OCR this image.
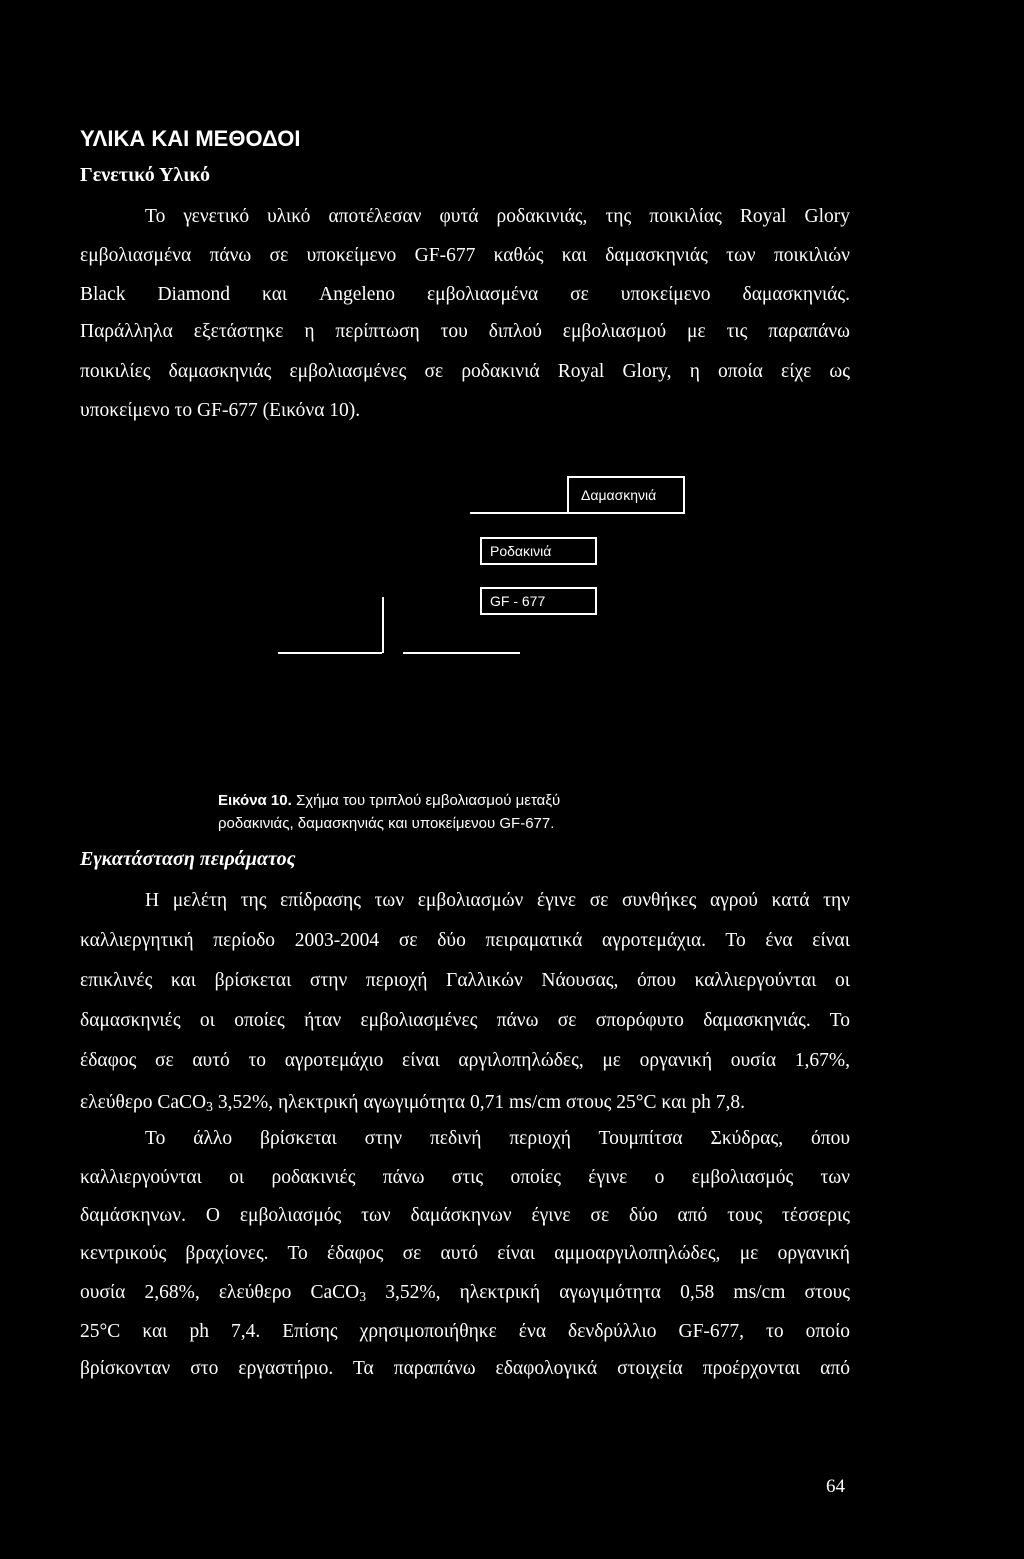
ΥΛΙΚΑ ΚΑΙ ΜΕΘΟΔΟΙ
Γενετικό Υλικό
Το γενετικό υλικό αποτέλεσαν φυτά ροδακινιάς, της ποικιλίας Royal Glory
εμβολιασμένα πάνω σε υποκείμενο GF-677 καθώς και δαμασκηνιάς των ποικιλιών
Black Diamond και Angeleno εμβολιασμένα σε υποκείμενο δαμασκηνιάς.
Παράλληλα εξετάστηκε η περίπτωση του διπλού εμβολιασμού με τις παραπάνω
ποικιλίες δαμασκηνιάς εμβολιασμένες σε ροδακινιά Royal Glory, η οποία είχε ως
υποκείμενο το GF-677 (Εικόνα 10).
Δαμασκηνιά
Ροδακινιά
GF - 677
Εικόνα 10. Σχήμα του τριπλού εμβολιασμού μεταξύ
ροδακινιάς, δαμασκηνιάς και υποκείμενου GF-677.
Εγκατάσταση πειράματος
Η μελέτη της επίδρασης των εμβολιασμών έγινε σε συνθήκες αγρού κατά την
καλλιεργητική περίοδο 2003-2004 σε δύο πειραματικά αγροτεμάχια. Το ένα είναι
επικλινές και βρίσκεται στην περιοχή Γαλλικών Νάουσας, όπου καλλιεργούνται οι
δαμασκηνιές οι οποίες ήταν εμβολιασμένες πάνω σε σπορόφυτο δαμασκηνιάς. Το
έδαφος σε αυτό το αγροτεμάχιο είναι αργιλοπηλώδες, με οργανική ουσία 1,67%,
ελεύθερο CaCO$_3$ 3,52%, ηλεκτρική αγωγιμότητα 0,71 ms/cm στους 25°C και ph 7,8.
Το άλλο βρίσκεται στην πεδινή περιοχή Τουμπίτσα Σκύδρας, όπου
καλλιεργούνται οι ροδακινιές πάνω στις οποίες έγινε ο εμβολιασμός των
δαμάσκηνων. Ο εμβολιασμός των δαμάσκηνων έγινε σε δύο από τους τέσσερις
κεντρικούς βραχίονες. Το έδαφος σε αυτό είναι αμμοαργιλοπηλώδες, με οργανική
ουσία 2,68%, ελεύθερο CaCO$_3$ 3,52%, ηλεκτρική αγωγιμότητα 0,58 ms/cm στους
25°C και ph 7,4. Επίσης χρησιμοποιήθηκε ένα δενδρύλλιο GF-677, το οποίο
βρίσκονταν στο εργαστήριο. Τα παραπάνω εδαφολογικά στοιχεία προέρχονται από
64
